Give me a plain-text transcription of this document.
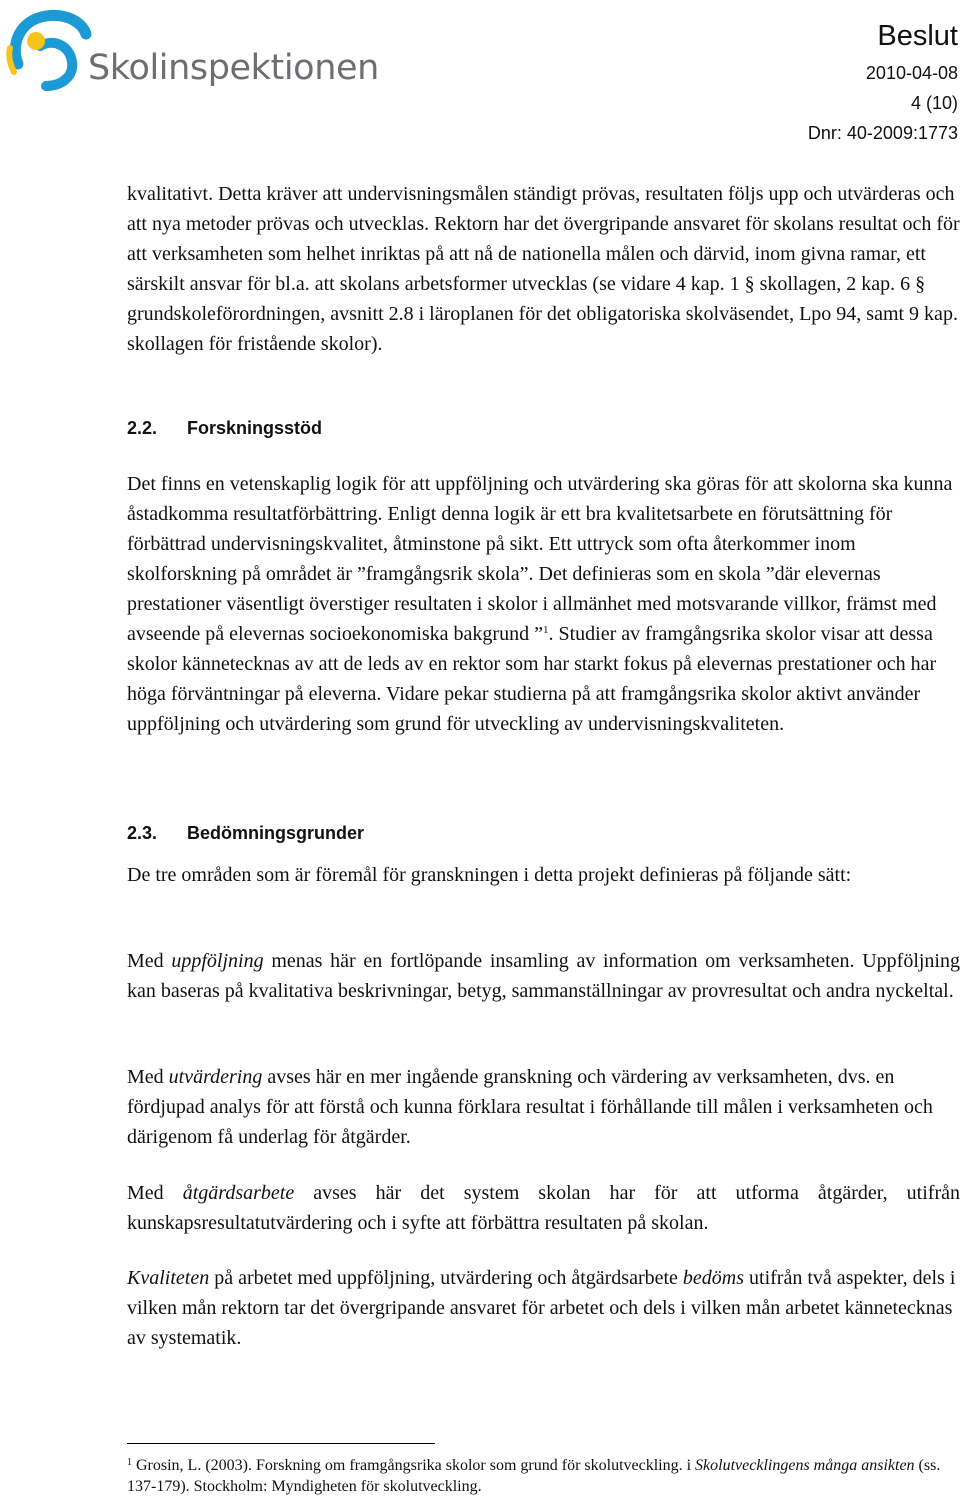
Skolinspektionen
Beslut
2010-04-08
4 (10)
Dnr: 40-2009:1773

kvalitativt. Detta kräver att undervisningsmålen ständigt prövas, resultaten följs upp och utvärderas och att nya metoder prövas och utvecklas. Rektorn har det övergripande ansvaret för skolans resultat och för att verksamheten som helhet inriktas på att nå de nationella målen och därvid, inom givna ramar, ett särskilt ansvar för bl.a. att skolans arbetsformer utvecklas (se vidare 4 kap. 1 § skollagen, 2 kap. 6 § grundskoleförordningen, avsnitt 2.8 i läroplanen för det obligatoriska skolväsendet, Lpo 94, samt 9 kap. skollagen för fristående skolor).

2.2. Forskningsstöd

Det finns en vetenskaplig logik för att uppföljning och utvärdering ska göras för att skolorna ska kunna åstadkomma resultatförbättring. Enligt denna logik är ett bra kvalitetsarbete en förutsättning för förbättrad undervisningskvalitet, åtminstone på sikt. Ett uttryck som ofta återkommer inom skolforskning på området är ”framgångsrik skola”. Det definieras som en skola ”där elevernas prestationer väsentligt överstiger resultaten i skolor i allmänhet med motsvarande villkor, främst med avseende på elevernas socioekonomiska bakgrund ”$^1$. Studier av framgångsrika skolor visar att dessa skolor kännetecknas av att de leds av en rektor som har starkt fokus på elevernas prestationer och har höga förväntningar på eleverna. Vidare pekar studierna på att framgångsrika skolor aktivt använder uppföljning och utvärdering som grund för utveckling av undervisningskvaliteten.

2.3. Bedömningsgrunder

De tre områden som är föremål för granskningen i detta projekt definieras på följande sätt:

Med uppföljning menas här en fortlöpande insamling av information om verksamheten. Uppföljning kan baseras på kvalitativa beskrivningar, betyg, sammanställningar av provresultat och andra nyckeltal.

Med utvärdering avses här en mer ingående granskning och värdering av verksamheten, dvs. en fördjupad analys för att förstå och kunna förklara resultat i förhållande till målen i verksamheten och därigenom få underlag för åtgärder.

Med åtgärdsarbete avses här det system skolan har för att utforma åtgärder, utifrån kunskapsresultatutvärdering och i syfte att förbättra resultaten på skolan.

Kvaliteten på arbetet med uppföljning, utvärdering och åtgärdsarbete bedöms utifrån två aspekter, dels i vilken mån rektorn tar det övergripande ansvaret för arbetet och dels i vilken mån arbetet kännetecknas av systematik.

$^1$ Grosin, L. (2003). Forskning om framgångsrika skolor som grund för skolutveckling. i Skolutvecklingens många ansikten (ss. 137-179). Stockholm: Myndigheten för skolutveckling.
